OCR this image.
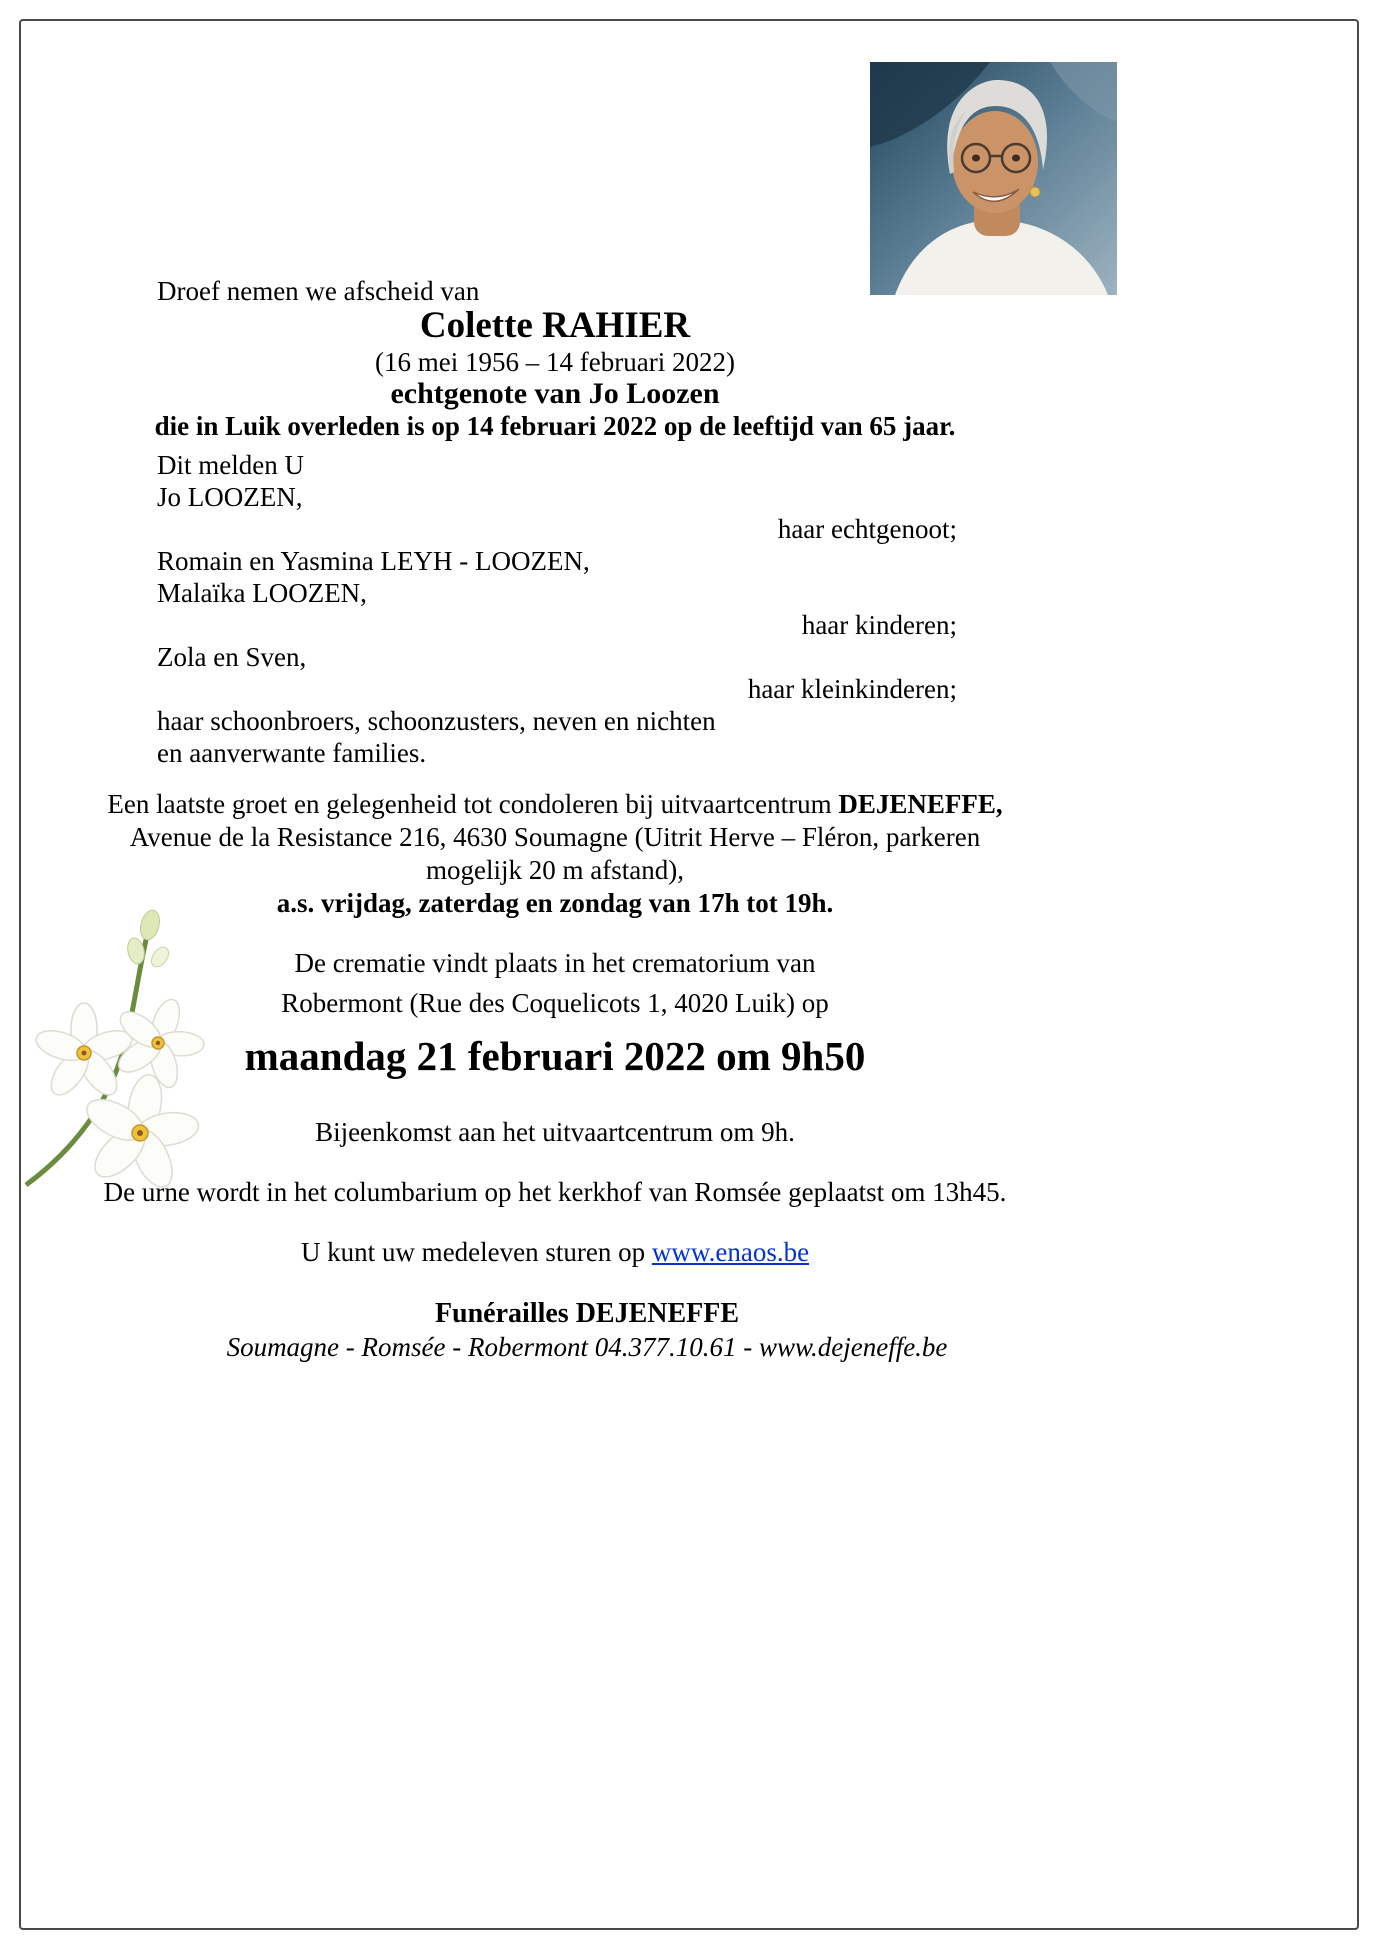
Droef nemen we afscheid van
Colette RAHIER
(16 mei 1956 – 14 februari 2022)
echtgenote van Jo Loozen
die in Luik overleden is op 14 februari 2022 op de leeftijd van 65 jaar.
Dit melden U
Jo LOOZEN,
haar echtgenoot;
Romain en Yasmina LEYH - LOOZEN,
Malaïka LOOZEN,
haar kinderen;
Zola en Sven,
haar kleinkinderen;
haar schoonbroers, schoonzusters, neven en nichten
en aanverwante families.
Een laatste groet en gelegenheid tot condoleren bij uitvaartcentrum DEJENEFFE,
Avenue de la Resistance 216, 4630 Soumagne (Uitrit Herve – Fléron, parkeren
mogelijk 20 m afstand),
a.s. vrijdag, zaterdag en zondag van 17h tot 19h.
De crematie vindt plaats in het crematorium van
Robermont (Rue des Coquelicots 1, 4020 Luik) op
maandag 21 februari 2022 om 9h50
Bijeenkomst aan het uitvaartcentrum om 9h.
De urne wordt in het columbarium op het kerkhof van Romsée geplaatst om 13h45.
U kunt uw medeleven sturen op www.enaos.be
Funérailles DEJENEFFE
Soumagne - Romsée - Robermont 04.377.10.61 - www.dejeneffe.be
